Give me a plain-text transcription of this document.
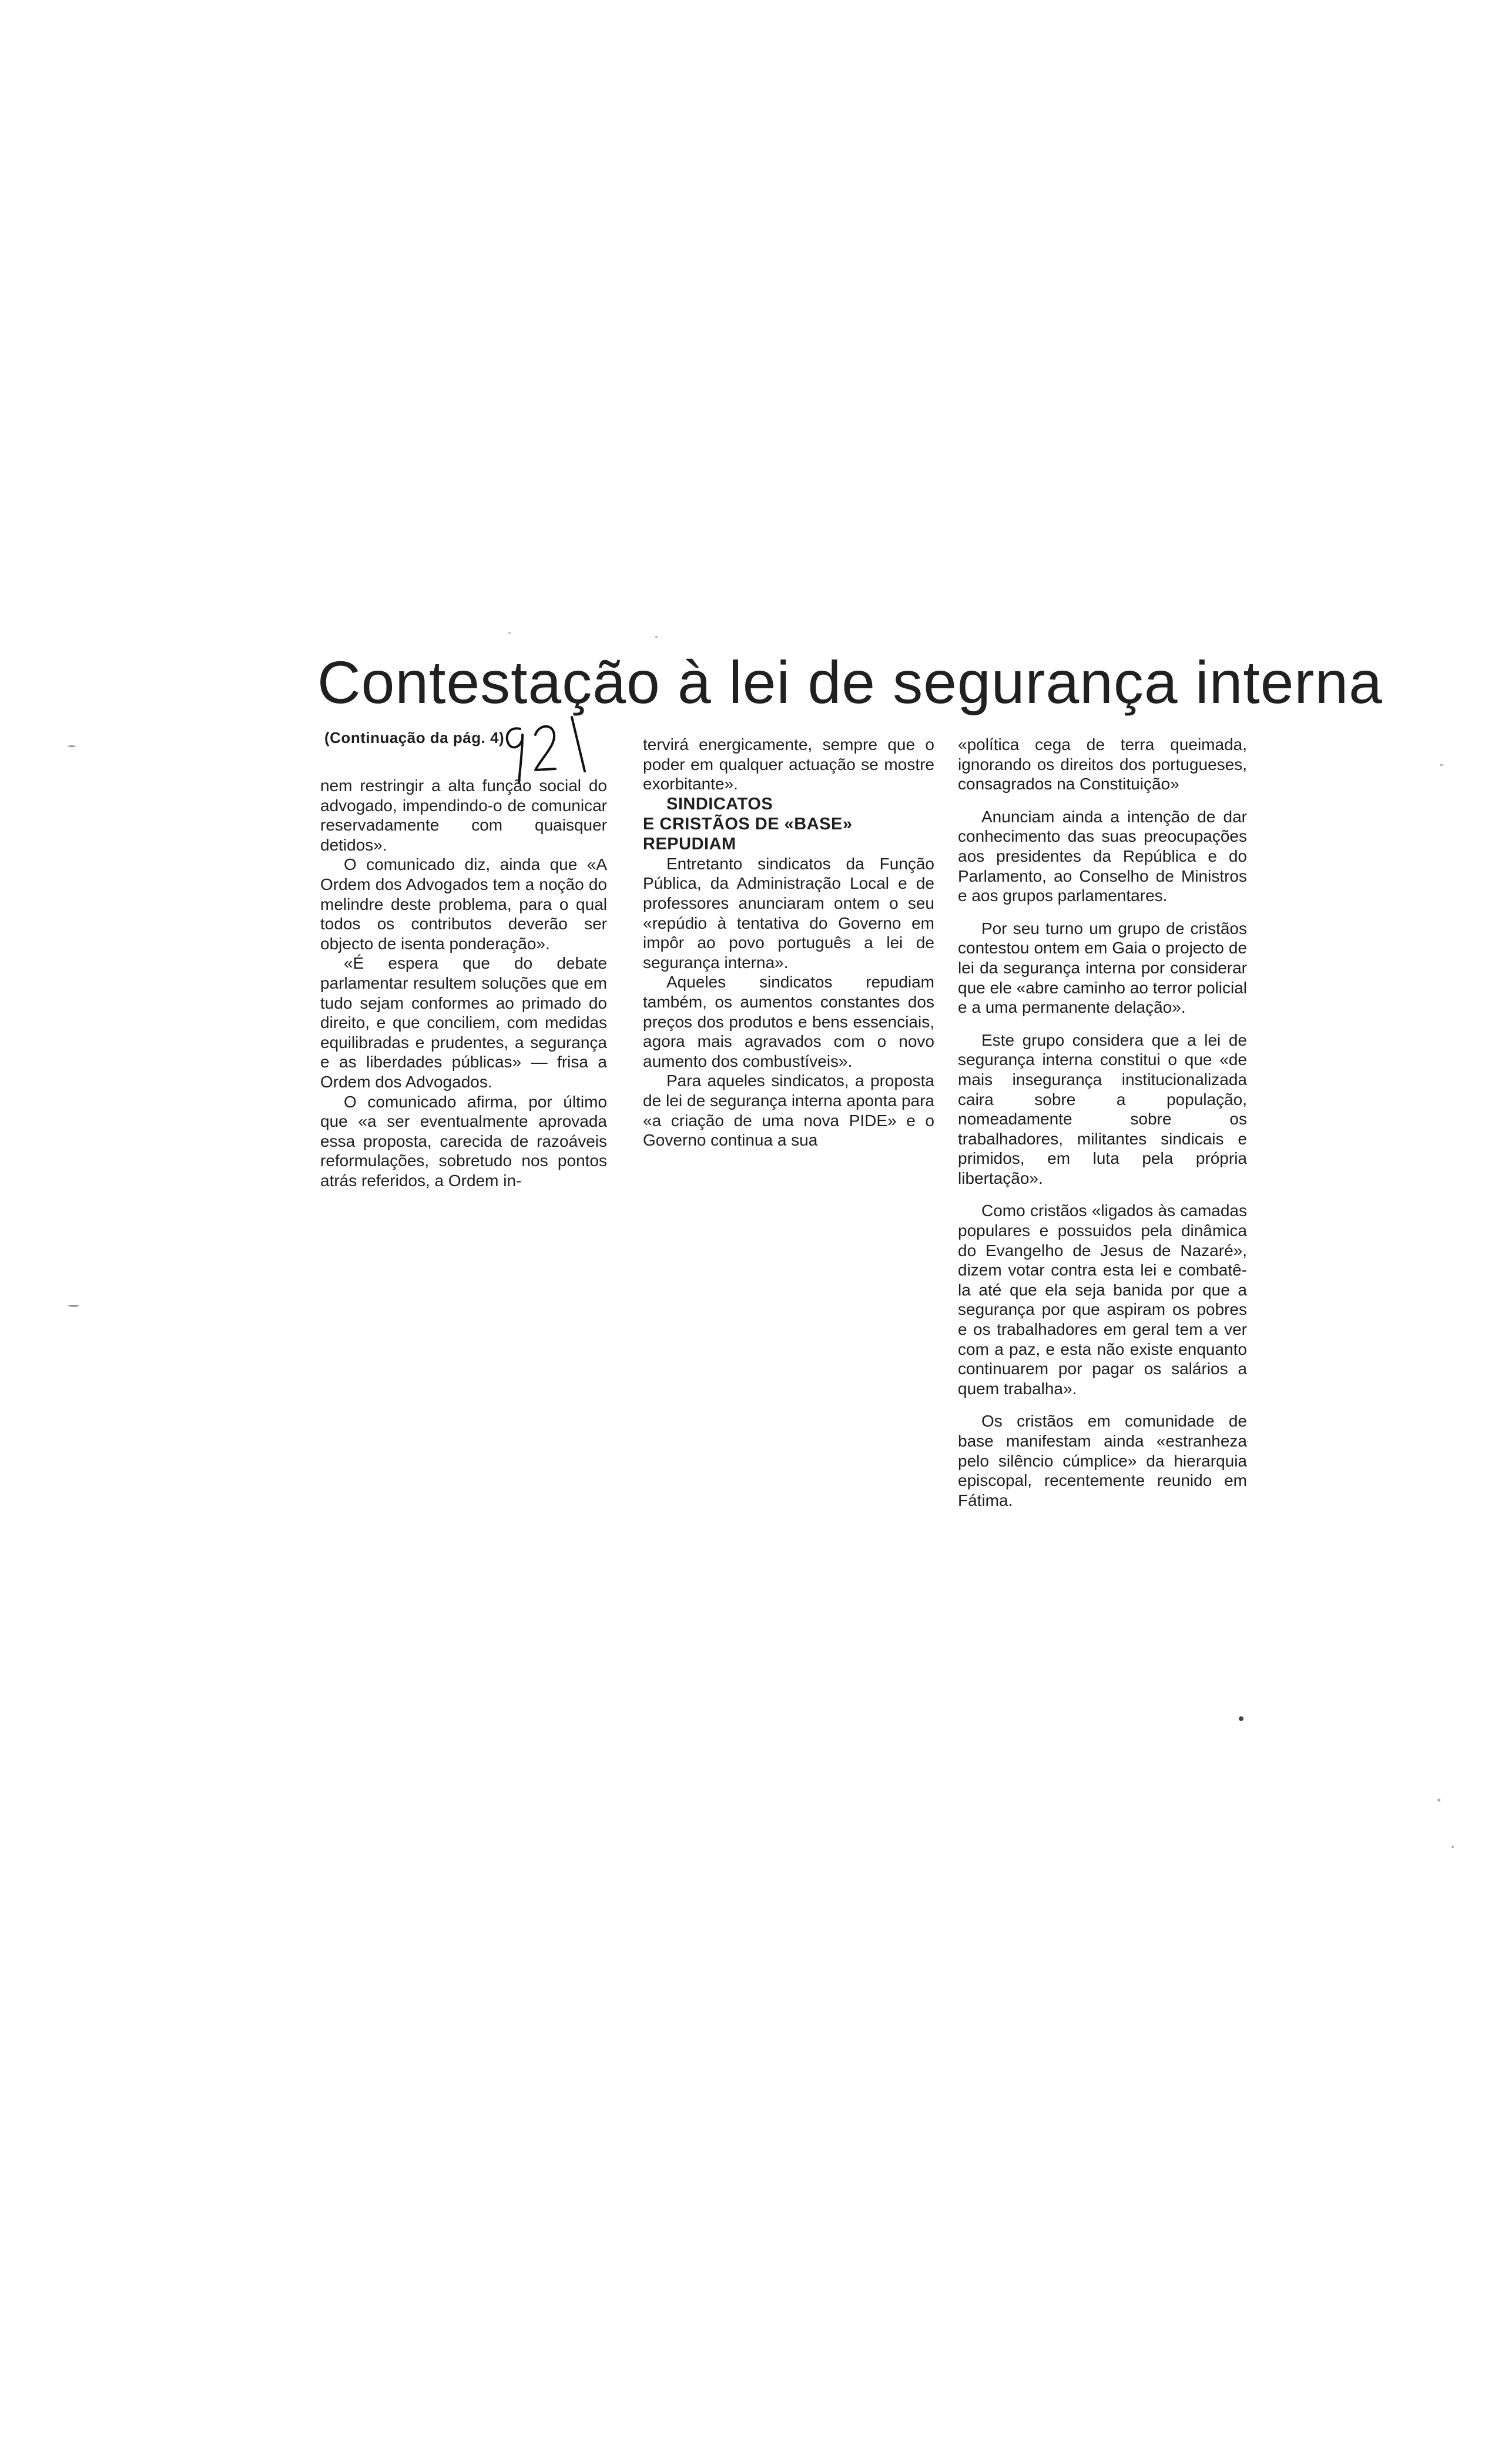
Contestação à lei de segurança interna
(Continuação da pág. 4)

nem restringir a alta função social do advogado, impendindo-o de comunicar reservadamente com quaisquer detidos».

O comunicado diz, ainda que «A Ordem dos Advogados tem a noção do melindre deste problema, para o qual todos os contributos deverão ser objecto de isenta ponderação».

«É espera que do debate parlamentar resultem soluções que em tudo sejam conformes ao primado do direito, e que conciliem, com medidas equilibradas e prudentes, a segurança e as liberdades públicas» — frisa a Ordem dos Advogados.

O comunicado afirma, por último que «a ser eventualmente aprovada essa proposta, carecida de razoáveis reformulações, sobretudo nos pontos atrás referidos, a Ordem in-

tervirá energicamente, sempre que o poder em qualquer actuação se mostre exorbitante».

SINDICATOS
E CRISTÃOS DE «BASE»
REPUDIAM

Entretanto sindicatos da Função Pública, da Administração Local e de professores anunciaram ontem o seu «repúdio à tentativa do Governo em impôr ao povo português a lei de segurança interna».

Aqueles sindicatos repudiam também, os aumentos constantes dos preços dos produtos e bens essenciais, agora mais agravados com o novo aumento dos combustíveis».

Para aqueles sindicatos, a proposta de lei de segurança interna aponta para «a criação de uma nova PIDE» e o Governo continua a sua

«política cega de terra queimada, ignorando os direitos dos portugueses, consagrados na Constituição»

Anunciam ainda a intenção de dar conhecimento das suas preocupações aos presidentes da República e do Parlamento, ao Conselho de Ministros e aos grupos parlamentares.

Por seu turno um grupo de cristãos contestou ontem em Gaia o projecto de lei da segurança interna por considerar que ele «abre caminho ao terror policial e a uma permanente delação».

Este grupo considera que a lei de segurança interna constitui o que «de mais insegurança institucionalizada caira sobre a população, nomeadamente sobre os trabalhadores, militantes sindicais e primidos, em luta pela própria libertação».

Como cristãos «ligados às camadas populares e possuidos pela dinâmica do Evangelho de Jesus de Nazaré», dizem votar contra esta lei e combatê-la até que ela seja banida por que a segurança por que aspiram os pobres e os trabalhadores em geral tem a ver com a paz, e esta não existe enquanto continuarem por pagar os salários a quem trabalha».

Os cristãos em comunidade de base manifestam ainda «estranheza pelo silêncio cúmplice» da hierarquia episcopal, recentemente reunido em Fátima.
